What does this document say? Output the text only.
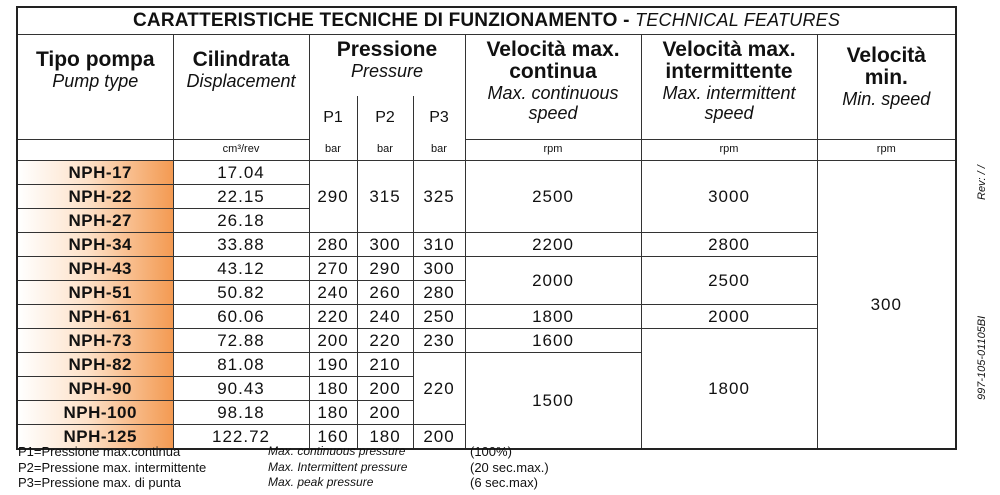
CARATTERISTICHE TECNICHE DI FUNZIONAMENTO - TECHNICAL FEATURES							

Tipo pompa
Pump type	Cilindrata
Displacement	Pressione
Pressure			Velocità max.
continua
Max. continuous
speed	Velocità max.
intermittente
Max. intermittent
speed	Velocità
min.
Min. speed

		P1	P2	P3			
	cm³/rev	bar	bar	bar	rpm	rpm	rpm
NPH-17	17.04	290	315	325	2500	3000	300
NPH-22	22.15						
NPH-27	26.18						
NPH-34	33.88	280	300	310	2200	2800	
NPH-43	43.12	270	290	300	2000	2500	
NPH-51	50.82	240	260	280			
NPH-61	60.06	220	240	250	1800	2000	
NPH-73	72.88	200	220	230	1600	1800	
NPH-82	81.08	190	210	220	1500		
NPH-90	90.43	180	200				
NPH-100	98.18	180	200				
NPH-125	122.72	160	180	200			
P1=Pressione max.continua	Max. continuous pressure	(100%)
P2=Pressione max. intermittente	Max. Intermittent pressure	(20 sec.max.)
P3=Pressione max. di punta	Max. peak pressure	(6 sec.max)
Rev: / /
997-105-01105BI
